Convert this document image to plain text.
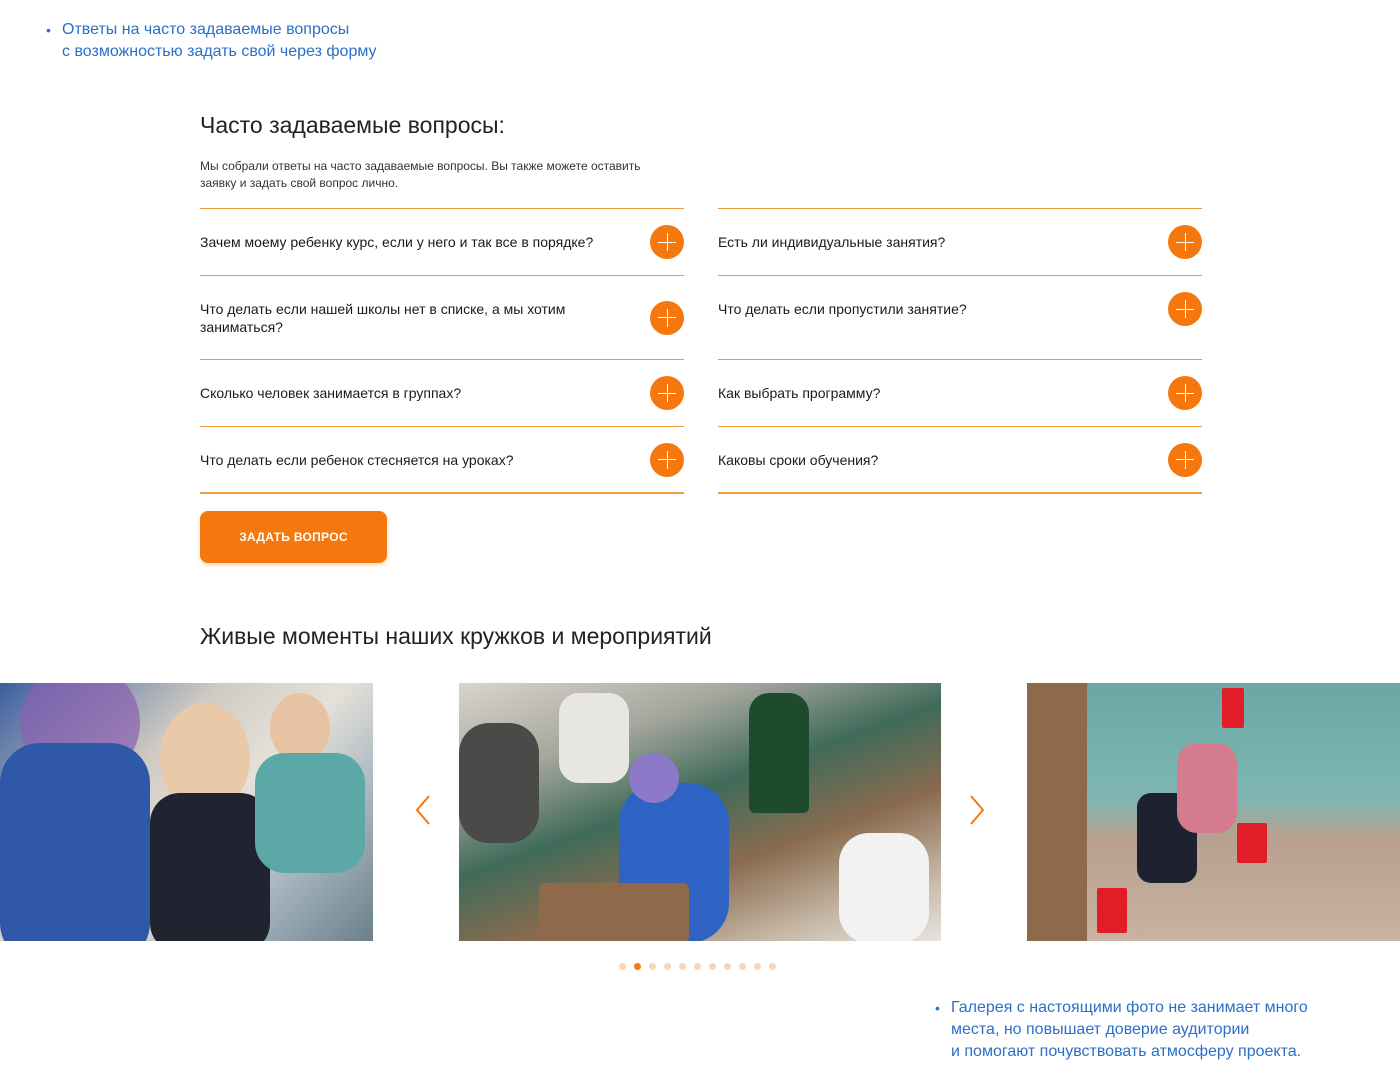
• Ответы на часто задаваемые вопросы
с возможностью задать свой через форму
Часто задаваемые вопросы:

Мы собрали ответы на часто задаваемые вопросы. Вы также можете оставить заявку и задать свой вопрос лично.

Зачем моему ребенку курс, если у него и так все в порядке?
Что делать если нашей школы нет в списке, а мы хотим заниматься?
Сколько человек занимается в группах?
Что делать если ребенок стесняется на уроках?
Есть ли индивидуальные занятия?
Что делать если пропустили занятие?
Как выбрать программу?
Каковы сроки обучения?
ЗАДАТЬ ВОПРОС
Живые моменты наших кружков и мероприятий
• Галерея с настоящими фото не занимает много
места, но повышает доверие аудитории
и помогают почувствовать атмосферу проекта.
